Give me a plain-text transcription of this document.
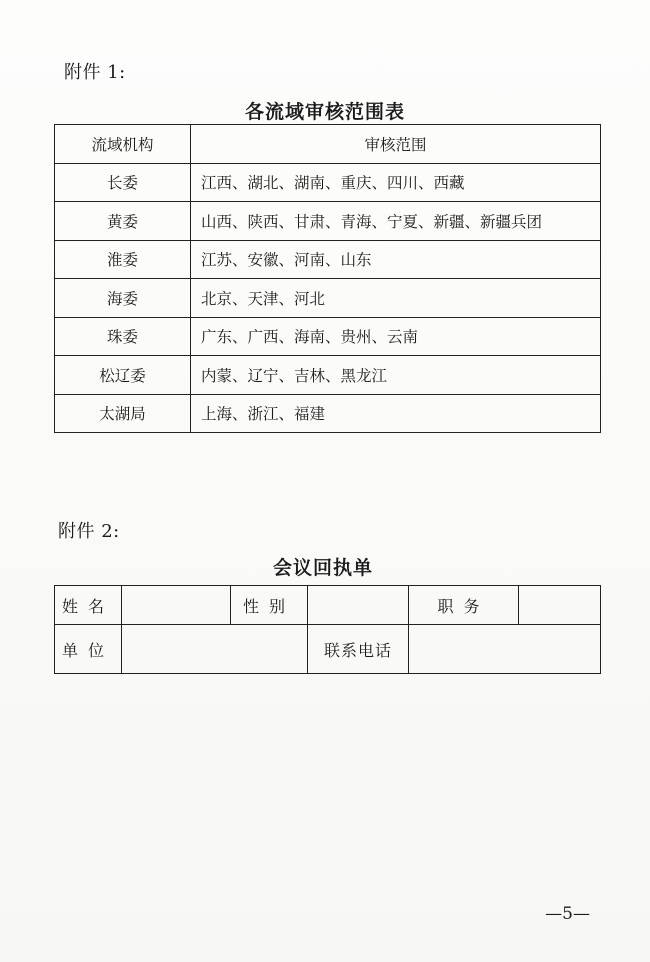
附件 1:
各流域审核范围表
流域机构	审核范围
长委	江西、湖北、湖南、重庆、四川、西藏
黄委	山西、陕西、甘肃、青海、宁夏、新疆、新疆兵团
淮委	江苏、安徽、河南、山东
海委	北京、天津、河北
珠委	广东、广西、海南、贵州、云南
松辽委	内蒙、辽宁、吉林、黑龙江
太湖局	上海、浙江、福建
附件 2:
会议回执单
姓名		性别		职务	
单位			联系电话		
—5—
